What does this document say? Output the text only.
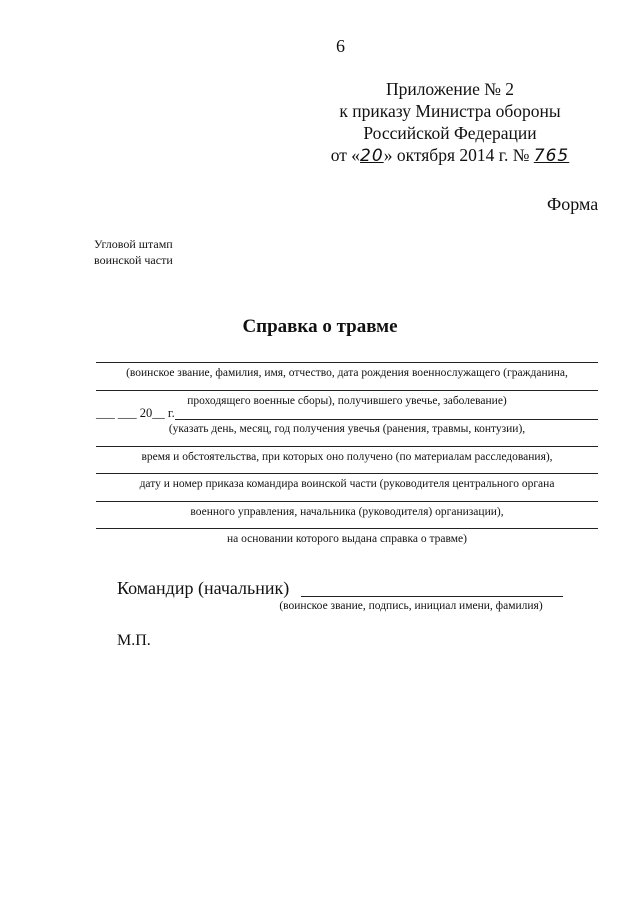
6
Приложение № 2
к приказу Министра обороны
Российской Федерации
от «20» октября 2014 г. № 765
Форма
Угловой штамп
воинской части
Справка о травме
(воинское звание, фамилия, имя, отчество, дата рождения военнослужащего (гражданина,
проходящего военные сборы), получившего увечье, заболевание)
___ ___ 20__ г.
(указать день, месяц, год получения увечья (ранения, травмы, контузии),
время и обстоятельства, при которых оно получено (по материалам расследования),
дату и номер приказа командира воинской части (руководителя центрального органа
военного управления, начальника (руководителя) организации),
на основании которого выдана справка о травме)
Командир (начальник)
(воинское звание, подпись, инициал имени, фамилия)
М.П.
